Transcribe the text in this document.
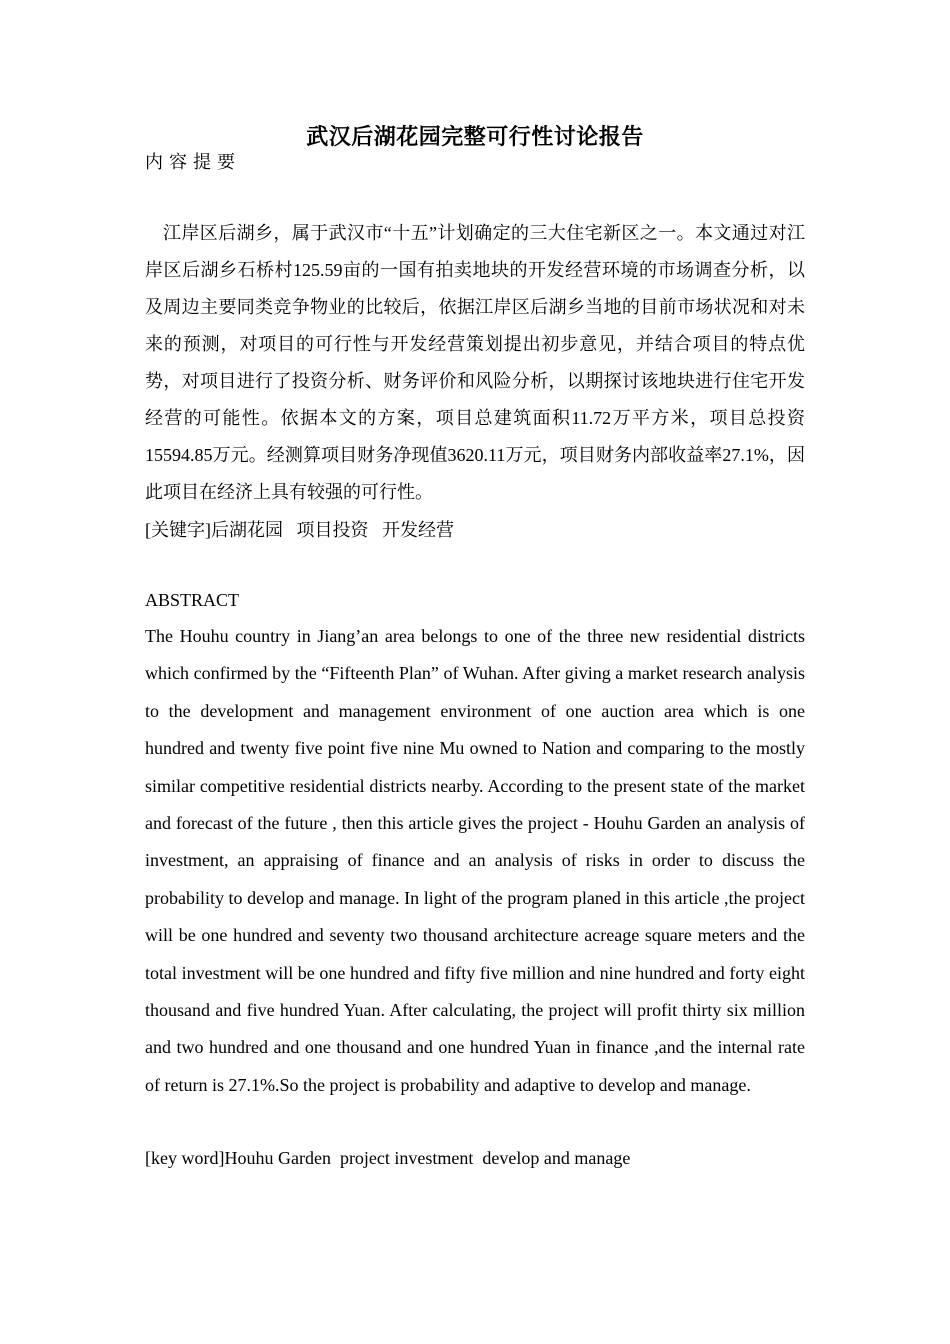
武汉后湖花园完整可行性讨论报告
内容提要

江岸区后湖乡，属于武汉市“十五”计划确定的三大住宅新区之一。本文通过对江岸区后湖乡石桥村125.59亩的一国有拍卖地块的开发经营环境的市场调查分析，以及周边主要同类竞争物业的比较后，依据江岸区后湖乡当地的目前市场状况和对未来的预测，对项目的可行性与开发经营策划提出初步意见，并结合项目的特点优势，对项目进行了投资分析、财务评价和风险分析，以期探讨该地块进行住宅开发经营的可能性。依据本文的方案，项目总建筑面积11.72万平方米，项目总投资15594.85万元。经测算项目财务净现值3620.11万元，项目财务内部收益率27.1%，因此项目在经济上具有较强的可行性。

[关键字]后湖花园   项目投资   开发经营

ABSTRACT

The Houhu country in Jiang’an area belongs to one of the three new residential districts which confirmed by the “Fifteenth Plan” of Wuhan. After giving a market research analysis to the development and management environment of one auction area which is one hundred and twenty five point five nine Mu owned to Nation and comparing to the mostly similar competitive residential districts nearby. According to the present state of the market and forecast of the future , then this article gives the project - Houhu Garden an analysis of investment, an appraising of finance and an analysis of risks in order to discuss the probability to develop and manage. In light of the program planed in this article ,the project will be one hundred and seventy two thousand architecture acreage square meters and the total investment will be one hundred and fifty five million and nine hundred and forty eight thousand and five hundred Yuan. After calculating, the project will profit thirty six million and two hundred and one thousand and one hundred Yuan in finance ,and the internal rate of return is 27.1%.So the project is probability and adaptive to develop and manage.

[key word]Houhu Garden  project investment  develop and manage
